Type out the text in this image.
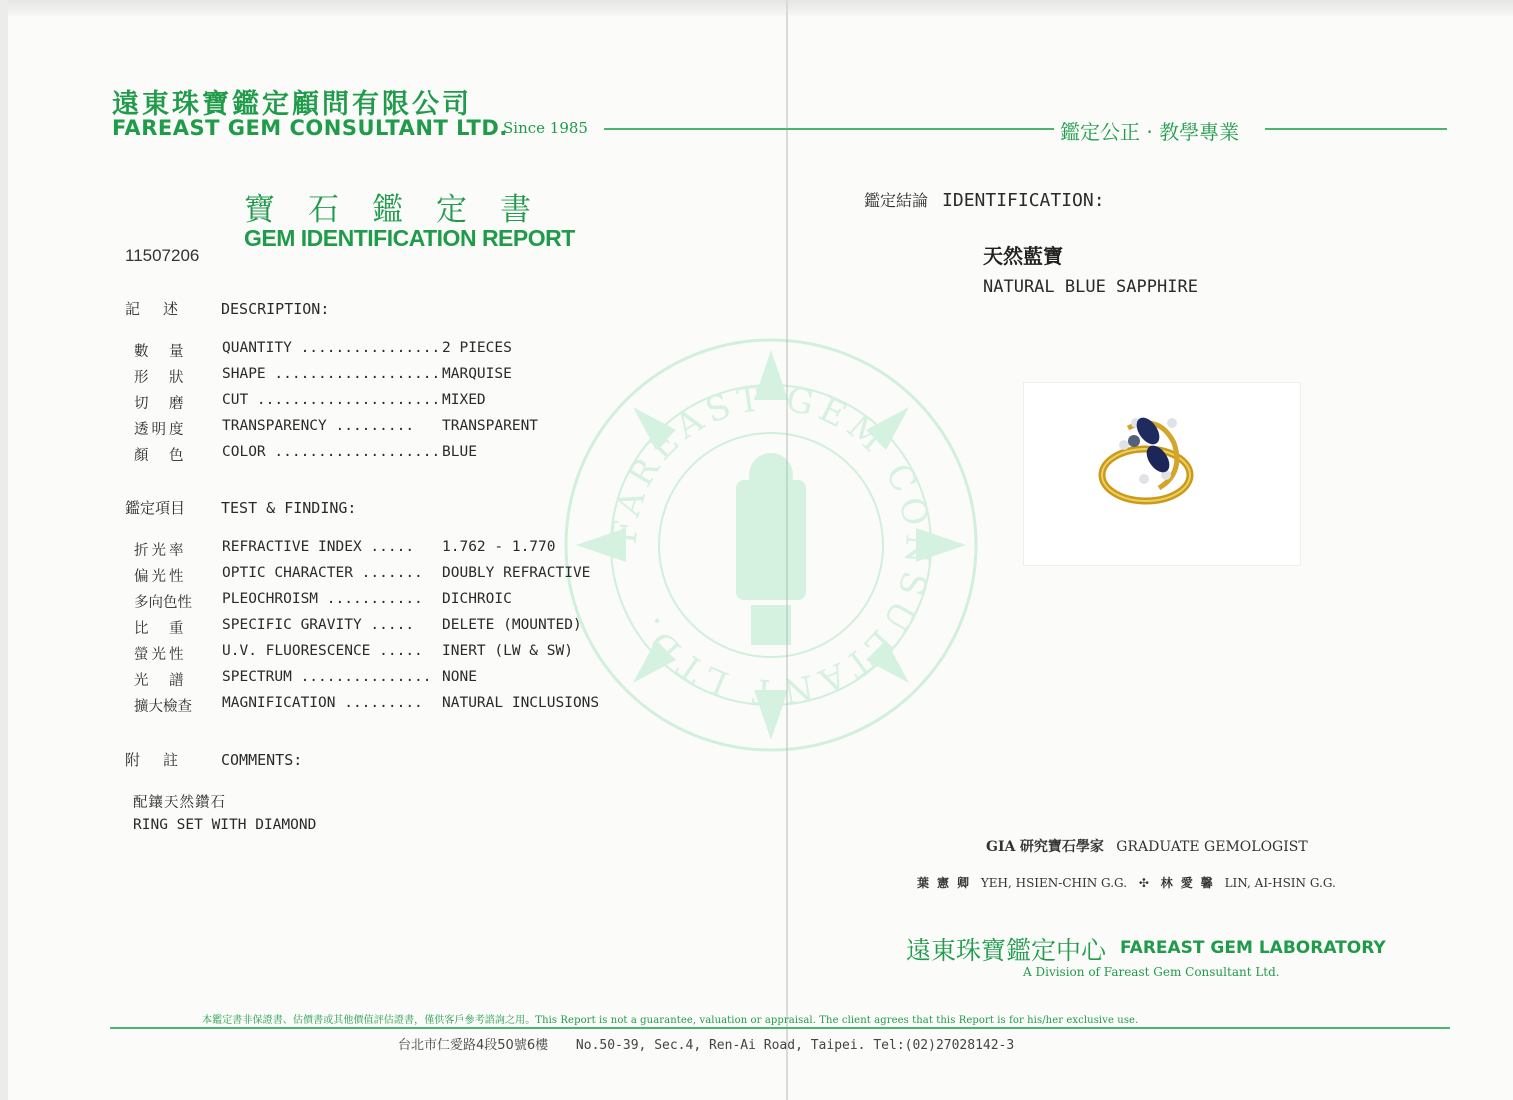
FAREAST GEM CONSULTANT LTD.
遠東珠寶鑑定顧問有限公司
FAREAST GEM CONSULTANT LTD.
Since 1985	鑑定公正 · 教學專業
寶石鑑定書
GEM IDENTIFICATION REPORT
11507206
記　述	DESCRIPTION:
數　量	QUANTITY ................ 2 PIECES
形　狀	SHAPE ................... MARQUISE
切　磨	CUT ..................... MIXED
透明度	TRANSPARENCY ......... TRANSPARENT
顏　色	COLOR ................... BLUE
鑑定項目 TEST & FINDING:
折光率	REFRACTIVE INDEX ..... 1.762 - 1.770
偏光性	OPTIC CHARACTER ....... DOUBLY REFRACTIVE
多向色性	PLEOCHROISM ........... DICHROIC
比　重	SPECIFIC GRAVITY ..... DELETE (MOUNTED)
螢光性	U.V. FLUORESCENCE ..... INERT (LW & SW)
光　譜	SPECTRUM ............... NONE
擴大檢查	MAGNIFICATION ......... NATURAL INCLUSIONS
附　註	COMMENTS:
配鑲天然鑽石
RING SET WITH DIAMOND
鑑定結論 IDENTIFICATION:
天然藍寶
NATURAL BLUE SAPPHIRE
GIA 研究寶石學家 GRADUATE GEMOLOGIST
葉憲卿 YEH, HSIEN-CHIN G.G. ✣ 林愛馨 LIN, AI-HSIN G.G.
遠東珠寶鑑定中心 FAREAST GEM LABORATORY
A Division of Fareast Gem Consultant Ltd.
本鑑定書非保證書、估價書或其他價值評估證書，僅供客戶參考諮詢之用。This Report is not a guarantee, valuation or appraisal. The client agrees that this Report is for his/her exclusive use.
台北市仁愛路4段50號6樓 No.50-39, Sec.4, Ren-Ai Road, Taipei. Tel:(02)27028142-3
